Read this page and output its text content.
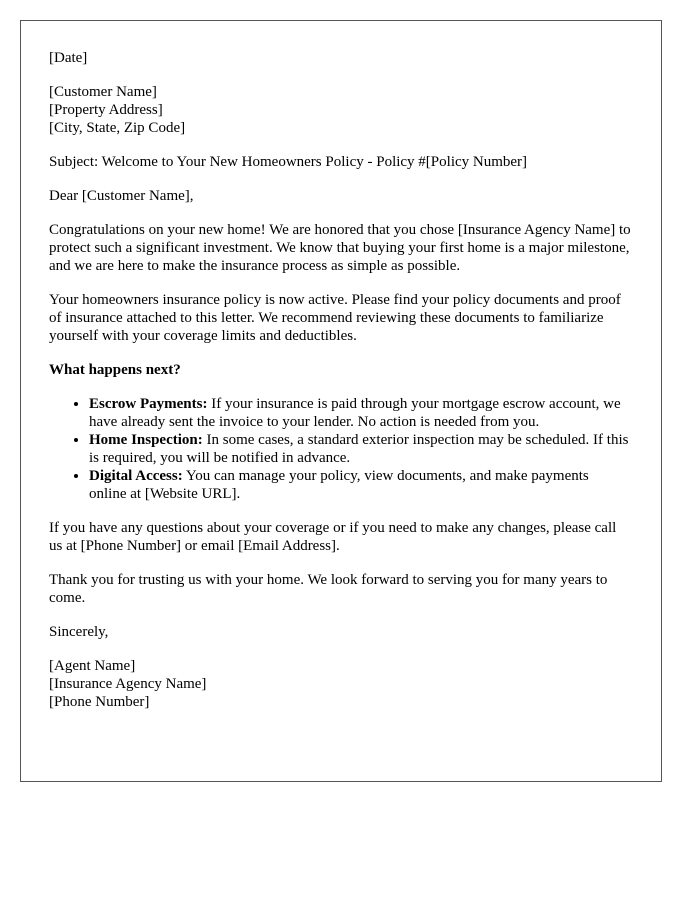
[Date]
[Customer Name]
[Property Address]
[City, State, Zip Code]
Subject: Welcome to Your New Homeowners Policy - Policy #[Policy Number]
Dear [Customer Name],
Congratulations on your new home! We are honored that you chose [Insurance Agency Name] to protect such a significant investment. We know that buying your first home is a major milestone, and we are here to make the insurance process as simple as possible.
Your homeowners insurance policy is now active. Please find your policy documents and proof of insurance attached to this letter. We recommend reviewing these documents to familiarize yourself with your coverage limits and deductibles.
What happens next?
• Escrow Payments: If your insurance is paid through your mortgage escrow account, we have already sent the invoice to your lender. No action is needed from you.
• Home Inspection: In some cases, a standard exterior inspection may be scheduled. If this is required, you will be notified in advance.
• Digital Access: You can manage your policy, view documents, and make payments online at [Website URL].
If you have any questions about your coverage or if you need to make any changes, please call us at [Phone Number] or email [Email Address].
Thank you for trusting us with your home. We look forward to serving you for many years to come.
Sincerely,
[Agent Name]
[Insurance Agency Name]
[Phone Number]
